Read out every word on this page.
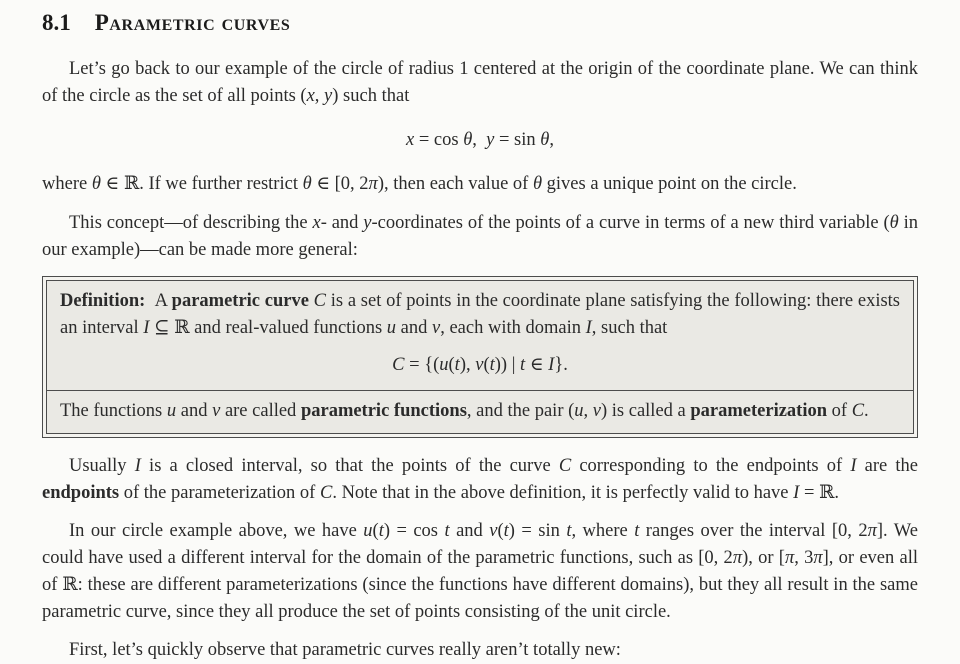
8.1 Parametric curves

Let’s go back to our example of the circle of radius 1 centered at the origin of the coordinate plane. We can think of the circle as the set of all points (x, y) such that

x = cos θ, y = sin θ,

where θ ∈ ℝ. If we further restrict θ ∈ [0, 2π), then each value of θ gives a unique point on the circle.

This concept—of describing the x- and y-coordinates of the points of a curve in terms of a new third variable (θ in our example)—can be made more general:

Definition: A parametric curve C is a set of points in the coordinate plane satisfying the following: there exists an interval I ⊆ ℝ and real-valued functions u and v, each with domain I, such that

C = {(u(t), v(t)) | t ∈ I}.

The functions u and v are called parametric functions, and the pair (u, v) is called a parameterization of C.

Usually I is a closed interval, so that the points of the curve C corresponding to the endpoints of I are the endpoints of the parameterization of C. Note that in the above definition, it is perfectly valid to have I = ℝ.

In our circle example above, we have u(t) = cos t and v(t) = sin t, where t ranges over the interval [0, 2π]. We could have used a different interval for the domain of the parametric functions, such as [0, 2π), or [π, 3π], or even all of ℝ: these are different parameterizations (since the functions have different domains), but they all result in the same parametric curve, since they all produce the set of points consisting of the unit circle.

First, let’s quickly observe that parametric curves really aren’t totally new:
